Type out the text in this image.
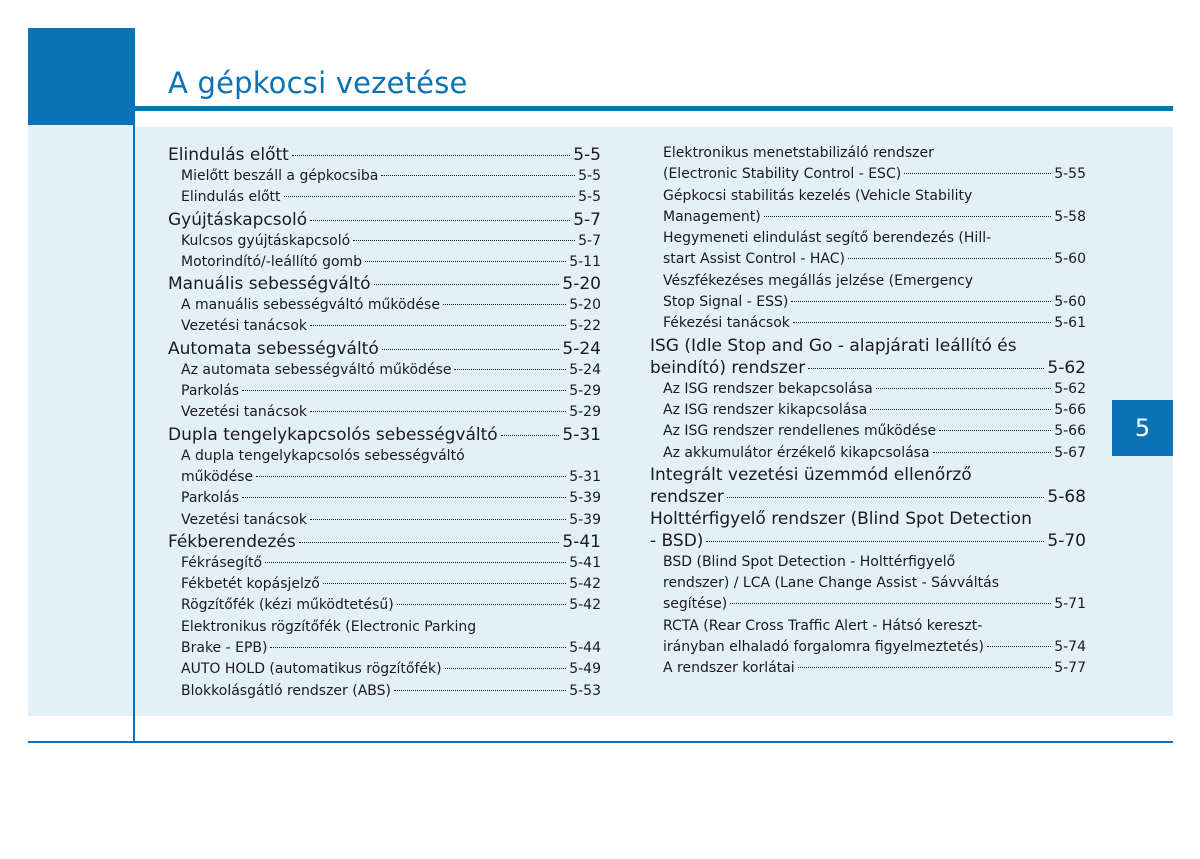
A gépkocsi vezetése
5
Elindulás előtt	5-5
Mielőtt beszáll a gépkocsiba	5-5
Elindulás előtt	5-5
Gyújtáskapcsoló	5-7
Kulcsos gyújtáskapcsoló	5-7
Motorindító/-leállító gomb	5-11
Manuális sebességváltó	5-20
A manuális sebességváltó működése	5-20
Vezetési tanácsok	5-22
Automata sebességváltó	5-24
Az automata sebességváltó működése	5-24
Parkolás	5-29
Vezetési tanácsok	5-29
Dupla tengelykapcsolós sebességváltó	5-31
A dupla tengelykapcsolós sebességváltó
működése	5-31
Parkolás	5-39
Vezetési tanácsok	5-39
Fékberendezés	5-41
Fékrásegítő	5-41
Fékbetét kopásjelző	5-42
Rögzítőfék (kézi működtetésű)	5-42
Elektronikus rögzítőfék (Electronic Parking
Brake - EPB)	5-44
AUTO HOLD (automatikus rögzítőfék)	5-49
Blokkolásgátló rendszer (ABS)	5-53
Elektronikus menetstabilizáló rendszer
(Electronic Stability Control - ESC)	5-55
Gépkocsi stabilitás kezelés (Vehicle Stability
Management)	5-58
Hegymeneti elindulást segítő berendezés (Hill-
start Assist Control - HAC)	5-60
Vészfékezéses megállás jelzése (Emergency
Stop Signal - ESS)	5-60
Fékezési tanácsok	5-61
ISG (Idle Stop and Go - alapjárati leállító és
beindító) rendszer	5-62
Az ISG rendszer bekapcsolása	5-62
Az ISG rendszer kikapcsolása	5-66
Az ISG rendszer rendellenes működése	5-66
Az akkumulátor érzékelő kikapcsolása	5-67
Integrált vezetési üzemmód ellenőrző
rendszer	5-68
Holttérfigyelő rendszer (Blind Spot Detection
- BSD)	5-70
BSD (Blind Spot Detection - Holttérfigyelő
rendszer) / LCA (Lane Change Assist - Sávváltás
segítése)	5-71
RCTA (Rear Cross Traffic Alert - Hátsó kereszt-
irányban elhaladó forgalomra figyelmeztetés)	5-74
A rendszer korlátai	5-77
